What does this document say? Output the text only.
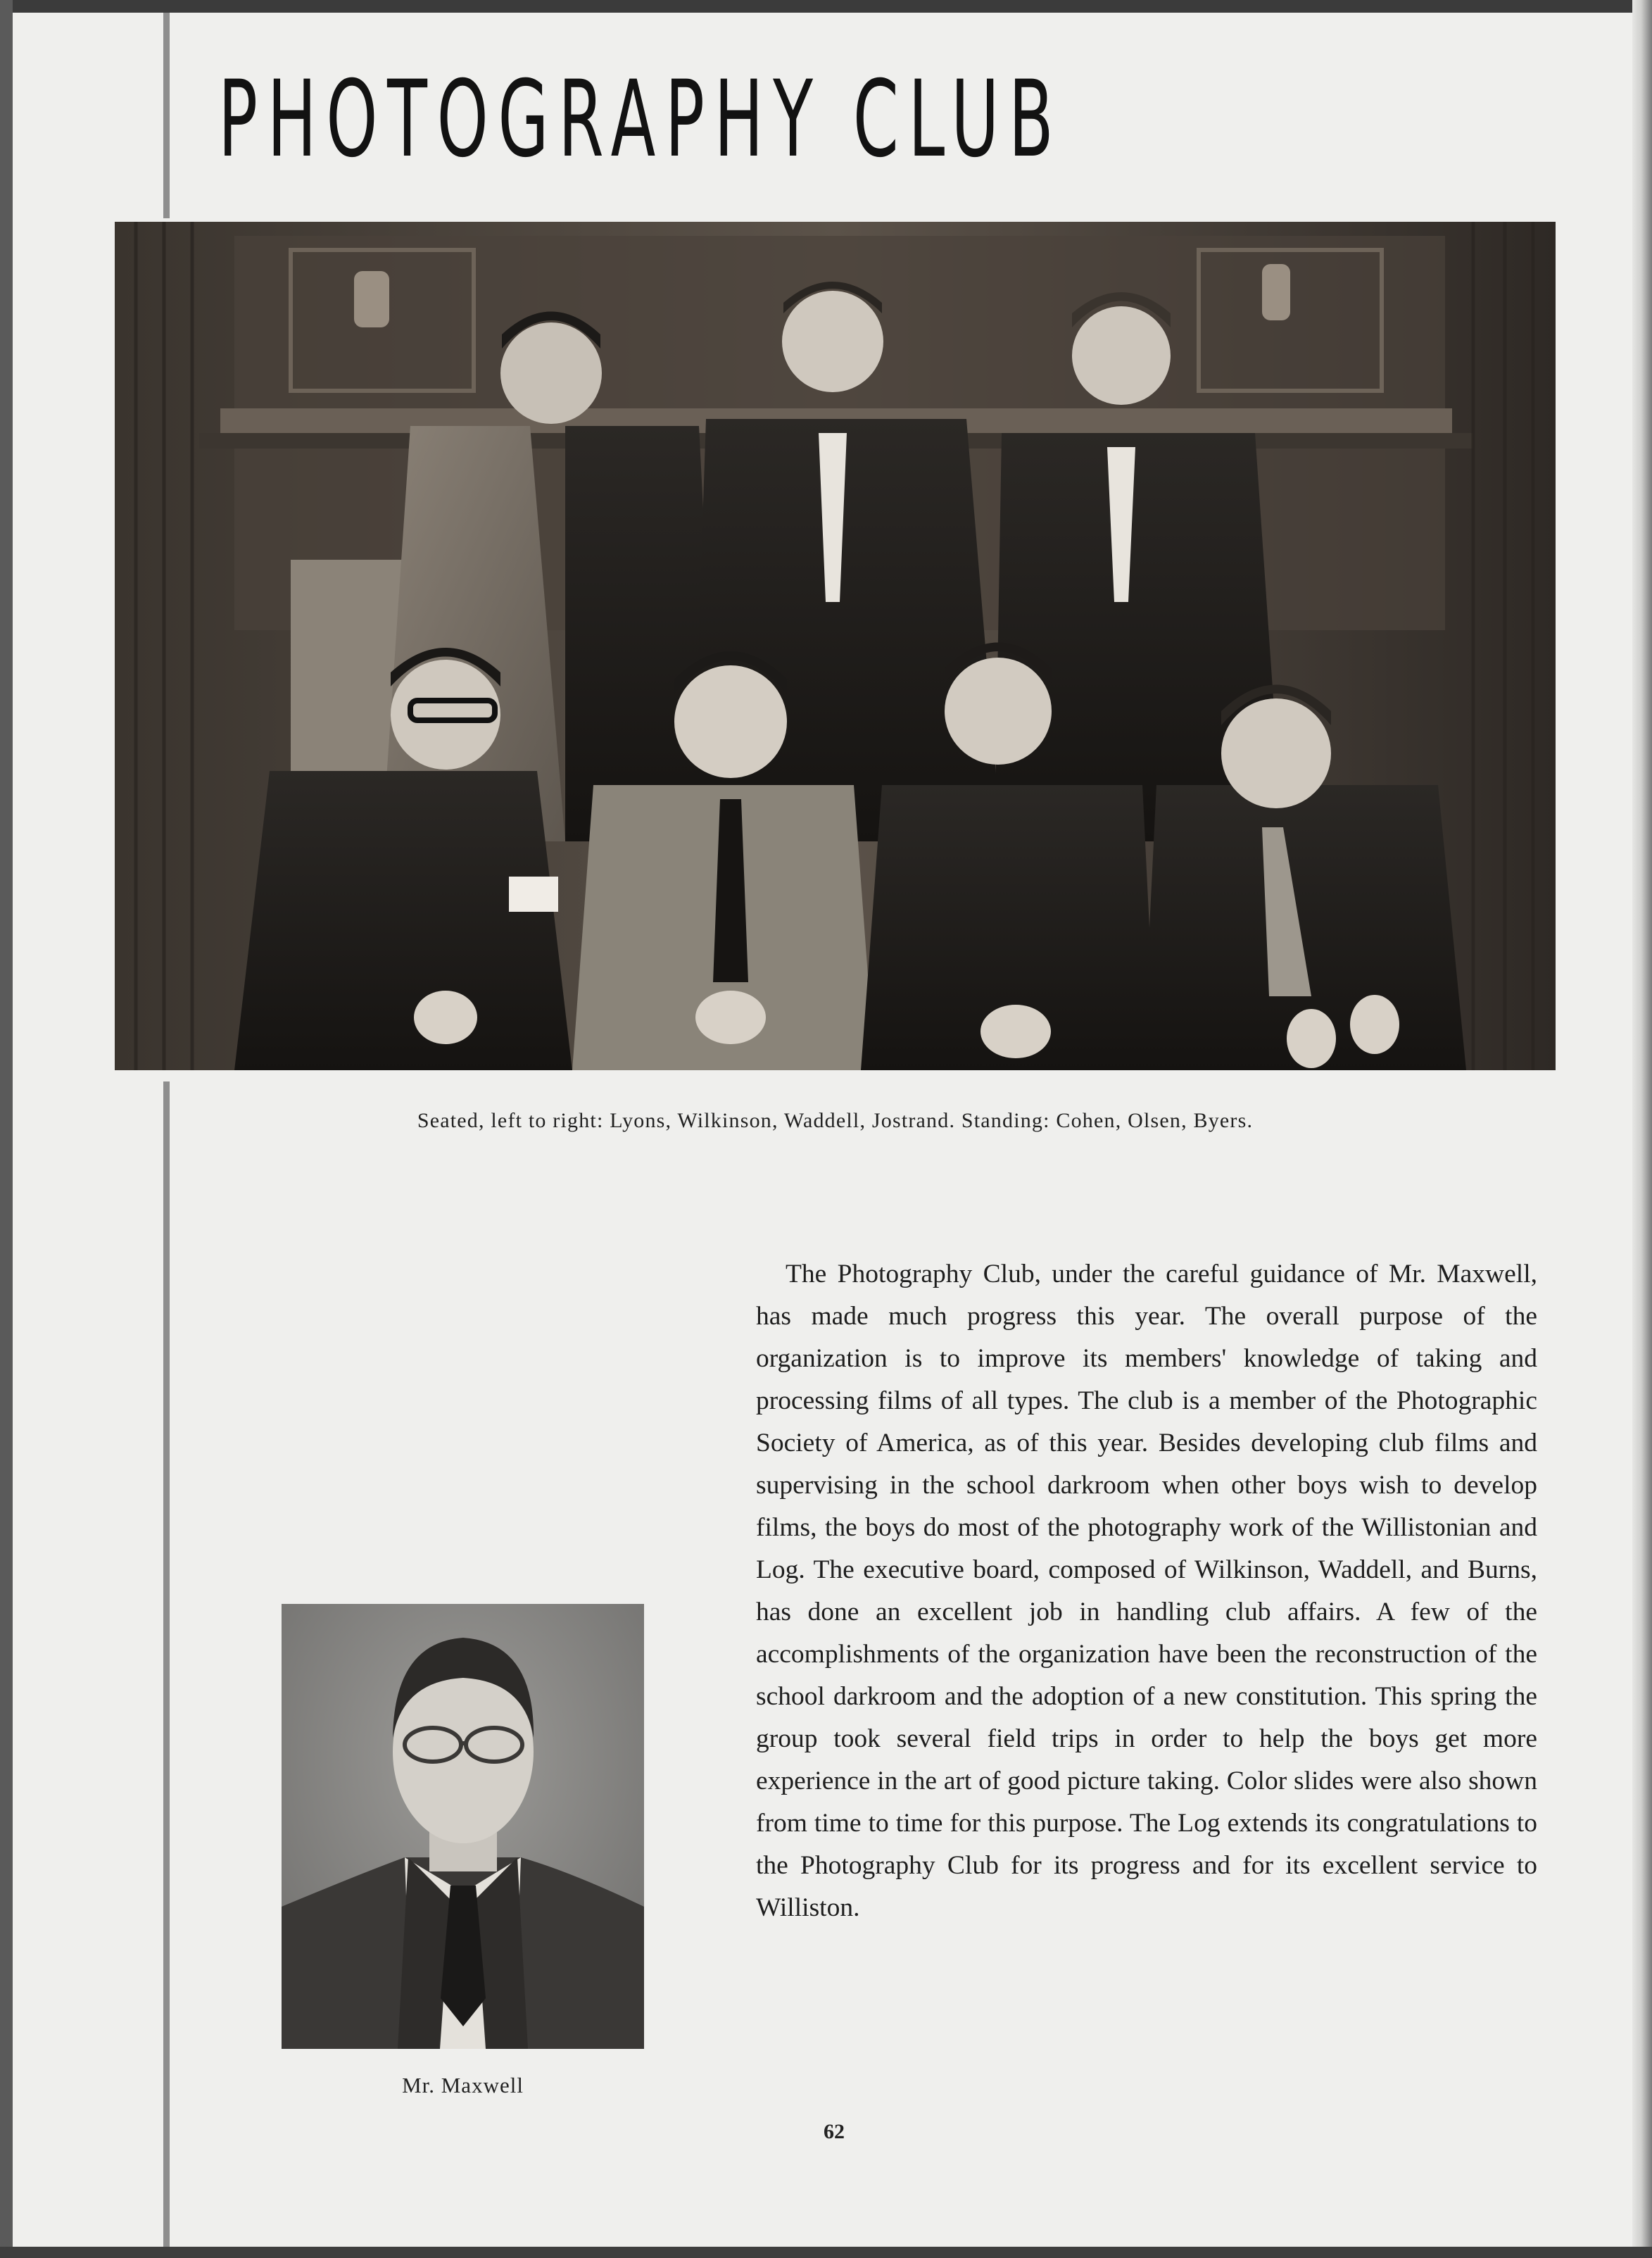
PHOTOGRAPHY CLUB

Seated, left to right: Lyons, Wilkinson, Waddell, Jostrand. Standing: Cohen, Olsen, Byers.

The Photography Club, under the careful guidance of Mr. Maxwell, has made much progress this year. The overall purpose of the organization is to improve its members' knowledge of taking and processing films of all types. The club is a member of the Photographic Society of America, as of this year. Besides developing club films and supervising in the school darkroom when other boys wish to develop films, the boys do most of the photography work of the Willistonian and Log. The executive board, composed of Wilkinson, Waddell, and Burns, has done an excellent job in handling club affairs. A few of the accomplishments of the organization have been the reconstruction of the school darkroom and the adoption of a new constitution. This spring the group took several field trips in order to help the boys get more experience in the art of good picture taking. Color slides were also shown from time to time for this purpose. The Log extends its congratulations to the Photography Club for its progress and for its excellent service to Williston.

Mr. Maxwell

62
